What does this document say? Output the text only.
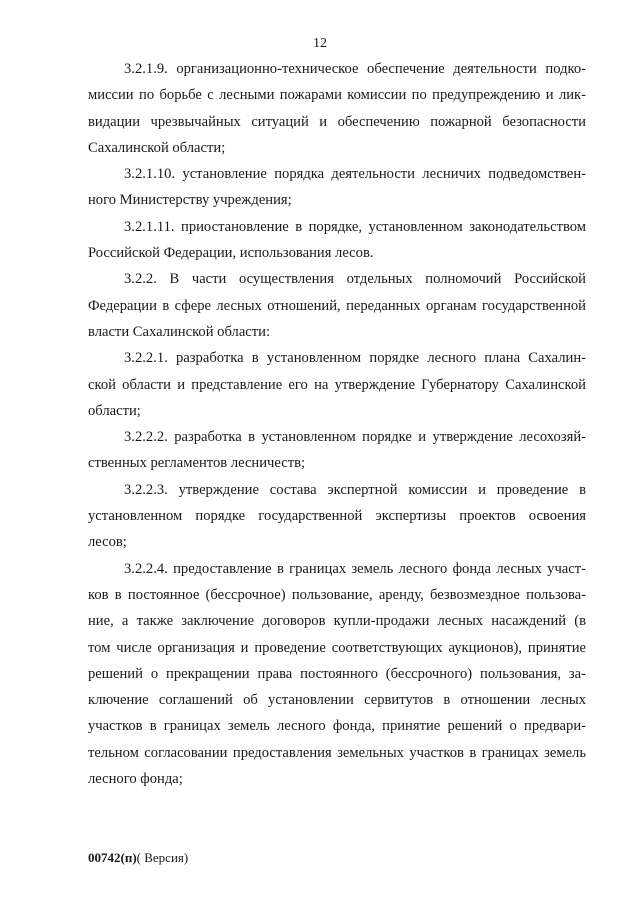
12
3.2.1.9. организационно-техническое обеспечение деятельности подко-
миссии по борьбе с лесными пожарами комиссии по предупреждению и лик-
видации чрезвычайных ситуаций и обеспечению пожарной безопасности
Сахалинской области;
3.2.1.10. установление порядка деятельности лесничих подведомствен-
ного Министерству учреждения;
3.2.1.11. приостановление в порядке, установленном законодательством
Российской Федерации, использования лесов.
3.2.2. В части осуществления отдельных полномочий Российской
Федерации в сфере лесных отношений, переданных органам государственной
власти Сахалинской области:
3.2.2.1. разработка в установленном порядке лесного плана Сахалин-
ской области и представление его на утверждение Губернатору Сахалинской
области;
3.2.2.2. разработка в установленном порядке и утверждение лесохозяй-
ственных регламентов лесничеств;
3.2.2.3. утверждение состава экспертной комиссии и проведение в
установленном порядке государственной экспертизы проектов освоения
лесов;
3.2.2.4. предоставление в границах земель лесного фонда лесных участ-
ков в постоянное (бессрочное) пользование, аренду, безвозмездное пользова-
ние, а также заключение договоров купли-продажи лесных насаждений (в
том числе организация и проведение соответствующих аукционов), принятие
решений о прекращении права постоянного (бессрочного) пользования, за-
ключение соглашений об установлении сервитутов в отношении лесных
участков в границах земель лесного фонда, принятие решений о предвари-
тельном согласовании предоставления земельных участков в границах земель
лесного фонда;
00742(п)( Версия)
